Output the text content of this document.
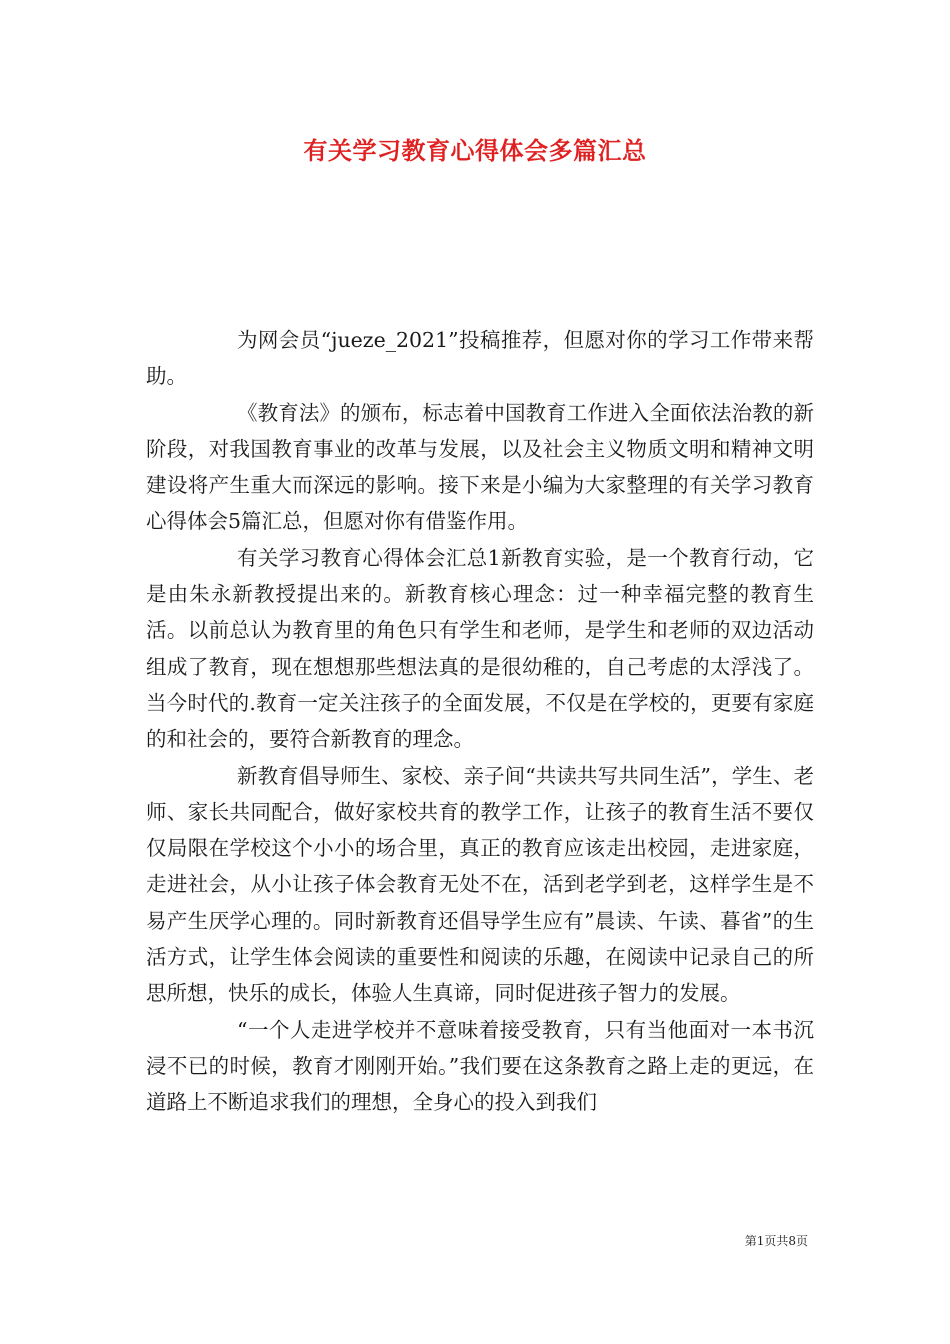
有关学习教育心得体会多篇汇总

为网会员“jueze_2021”投稿推荐，但愿对你的学习工作带来帮助。

《教育法》的颁布，标志着中国教育工作进入全面依法治教的新阶段，对我国教育事业的改革与发展，以及社会主义物质文明和精神文明建设将产生重大而深远的影响。接下来是小编为大家整理的有关学习教育心得体会5篇汇总，但愿对你有借鉴作用。

有关学习教育心得体会汇总1新教育实验，是一个教育行动，它是由朱永新教授提出来的。新教育核心理念：过一种幸福完整的教育生活。以前总认为教育里的角色只有学生和老师，是学生和老师的双边活动组成了教育，现在想想那些想法真的是很幼稚的，自己考虑的太浮浅了。当今时代的.教育一定关注孩子的全面发展，不仅是在学校的，更要有家庭的和社会的，要符合新教育的理念。

新教育倡导师生、家校、亲子间“共读共写共同生活”，学生、老师、家长共同配合，做好家校共育的教学工作，让孩子的教育生活不要仅仅局限在学校这个小小的场合里，真正的教育应该走出校园，走进家庭，走进社会，从小让孩子体会教育无处不在，活到老学到老，这样学生是不易产生厌学心理的。同时新教育还倡导学生应有”晨读、午读、暮省”的生活方式，让学生体会阅读的重要性和阅读的乐趣，在阅读中记录自己的所思所想，快乐的成长，体验人生真谛，同时促进孩子智力的发展。

“一个人走进学校并不意味着接受教育，只有当他面对一本书沉浸不已的时候，教育才刚刚开始。”我们要在这条教育之路上走的更远，在道路上不断追求我们的理想，全身心的投入到我们

第1页共8页
